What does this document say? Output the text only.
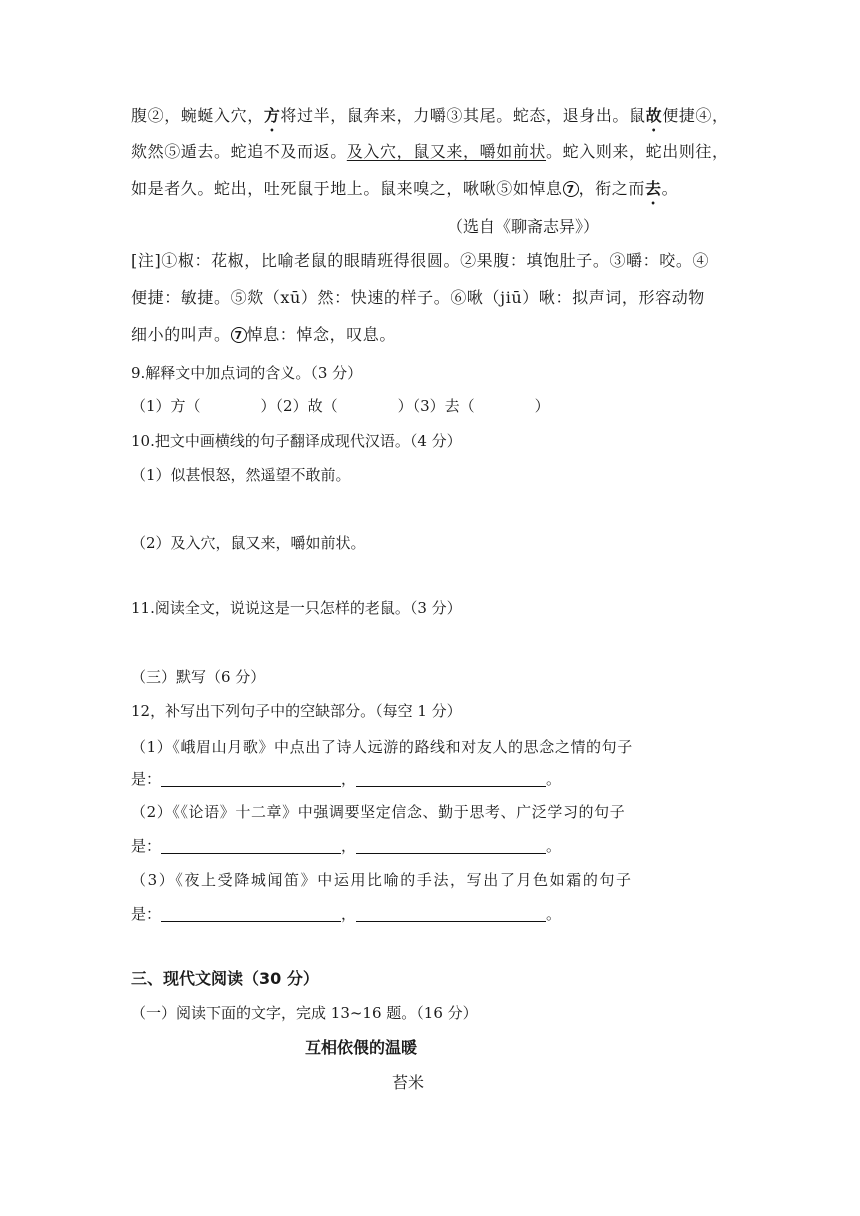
腹②，蜿蜒入穴，方将过半，鼠奔来，力嚼③其尾。蛇态，退身出。鼠故便捷④，
欻然⑤遁去。蛇追不及而返。及入穴，鼠又来，嚼如前状。蛇入则来，蛇出则往，
如是者久。蛇出，吐死鼠于地上。鼠来嗅之，啾啾⑤如悼息 7 ，衔之而去。
（选自《聊斋志异》）
[注]①椒：花椒，比喻老鼠的眼睛班得很圆。②果腹：填饱肚子。③嚼：咬。④
便捷：敏捷。⑤欻（xū）然：快速的样子。⑥啾（jiū）啾：拟声词，形容动物
细小的叫声。 7 悼息：悼念，叹息。
9.解释文中加点词的含义。（3 分）
（1）方（　　　　）（2）故（　　　　）（3）去（　　　　）
10.把文中画横线的句子翻译成现代汉语。（4 分）
（1）似甚恨怒，然遥望不敢前。
（2）及入穴，鼠又来，嚼如前状。
11.阅读全文，说说这是一只怎样的老鼠。（3 分）
（三）默写（6 分）
12，补写出下列句子中的空缺部分。（每空 1 分）
（1）《峨眉山月歌》中点出了诗人远游的路线和对友人的思念之情的句子
是：	，	。
（2）《《论语》十二章》中强调要坚定信念、勤于思考、广泛学习的句子
是：	，	。
（3）《夜上受降城闻笛》中运用比喻的手法，写出了月色如霜的句子
是：	，	。
三、现代文阅读（30 分）
（一）阅读下面的文字，完成 13~16 题。（16 分）
互相依偎的温暖
苔米
